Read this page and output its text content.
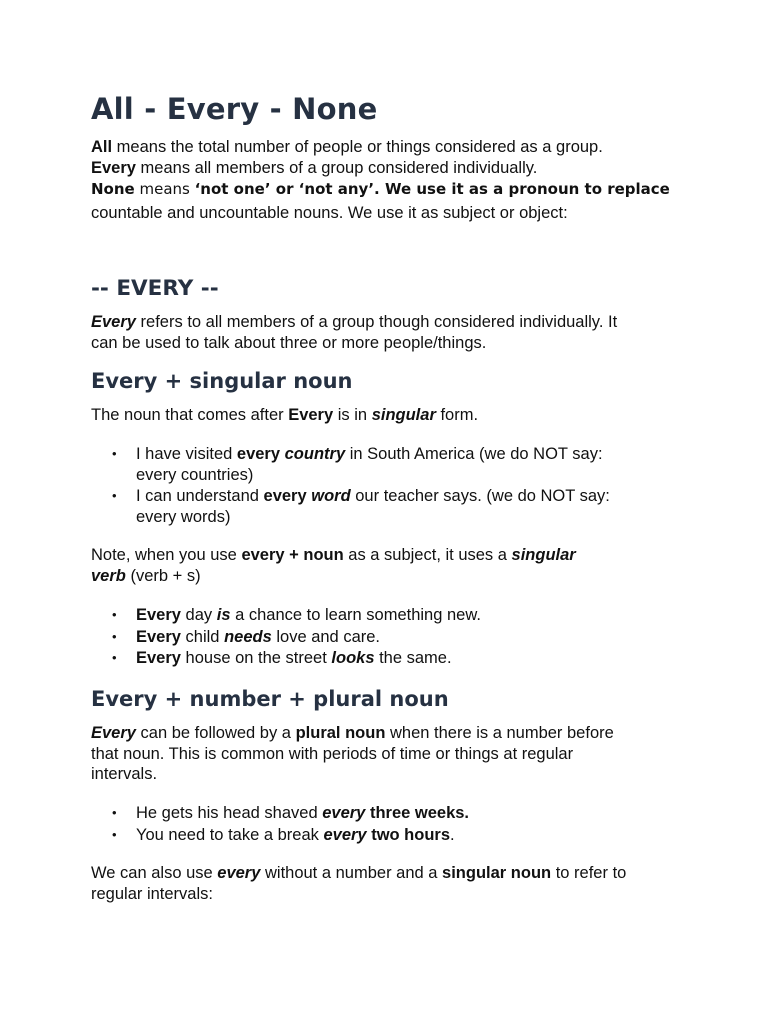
All - Every - None
All means the total number of people or things considered as a group.
Every means all members of a group considered individually.
None means ‘not one’ or ‘not any’. We use it as a pronoun to replace
countable and uncountable nouns. We use it as subject or object:
-- EVERY --
Every refers to all members of a group though considered individually. It
can be used to talk about three or more people/things.
Every + singular noun
The noun that comes after Every is in singular form.
• I have visited every country in South America (we do NOT say:
every countries)
• I can understand every word our teacher says. (we do NOT say:
every words)
Note, when you use every + noun as a subject, it uses a singular
verb (verb + s)
• Every day is a chance to learn something new.
• Every child needs love and care.
• Every house on the street looks the same.
Every + number + plural noun
Every can be followed by a plural noun when there is a number before
that noun. This is common with periods of time or things at regular
intervals.
• He gets his head shaved every three weeks.
• You need to take a break every two hours.
We can also use every without a number and a singular noun to refer to
regular intervals:
